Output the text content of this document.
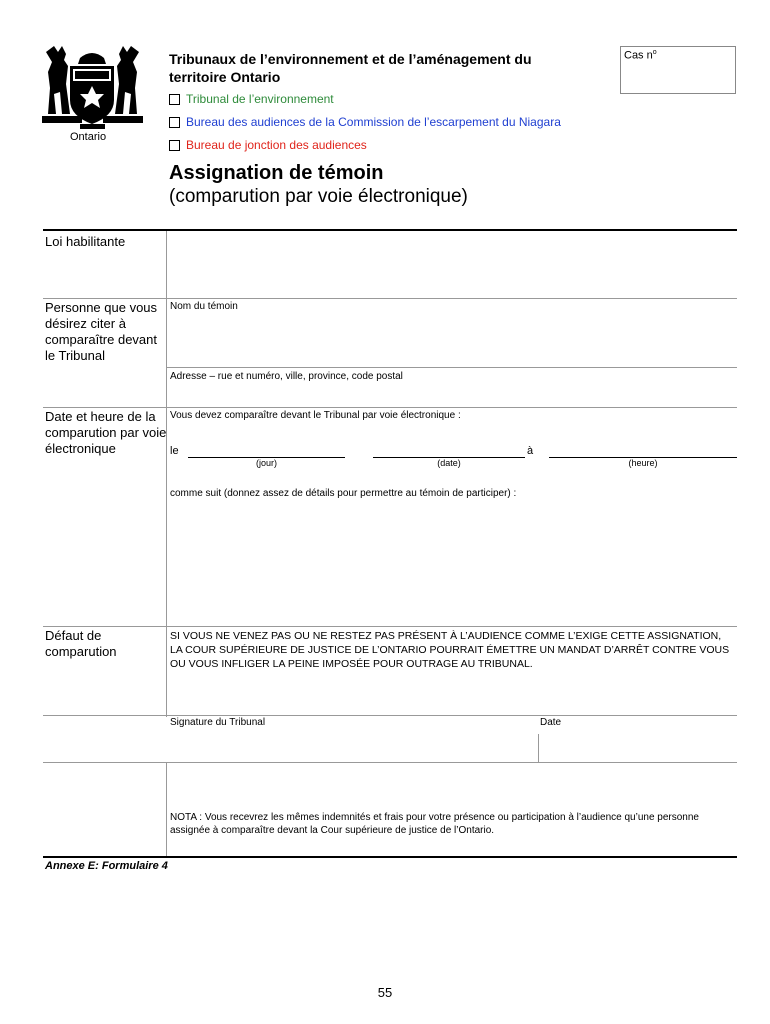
Ontario
Tribunaux de l’environnement et de l’aménagement du territoire Ontario
Cas $n^o$
Tribunal de l’environnement
Bureau des audiences de la Commission de l’escarpement du Niagara
Bureau de jonction des audiences
Assignation de témoin
(comparution par voie électronique)
Loi habilitante
Personne que vous désirez citer à comparaître devant le Tribunal
Nom du témoin
Adresse – rue et numéro, ville, province, code postal
Date et heure de la comparution par voie électronique
Vous devez comparaître devant le Tribunal par voie électronique :
le
(jour)	(date)
à
(heure)
comme suit (donnez assez de détails pour permettre au témoin de participer) :
Défaut de comparution
SI VOUS NE VENEZ PAS OU NE RESTEZ PAS PRÉSENT À L’AUDIENCE COMME L’EXIGE CETTE ASSIGNATION, LA COUR SUPÉRIEURE DE JUSTICE DE L’ONTARIO POURRAIT ÉMETTRE UN MANDAT D’ARRÊT CONTRE VOUS OU VOUS INFLIGER LA PEINE IMPOSÉE POUR OUTRAGE AU TRIBUNAL.
Signature du Tribunal	Date
NOTA : Vous recevrez les mêmes indemnités et frais pour votre présence ou participation à l’audience qu’une personne assignée à comparaître devant la Cour supérieure de justice de l’Ontario.
Annexe E: Formulaire 4
55
